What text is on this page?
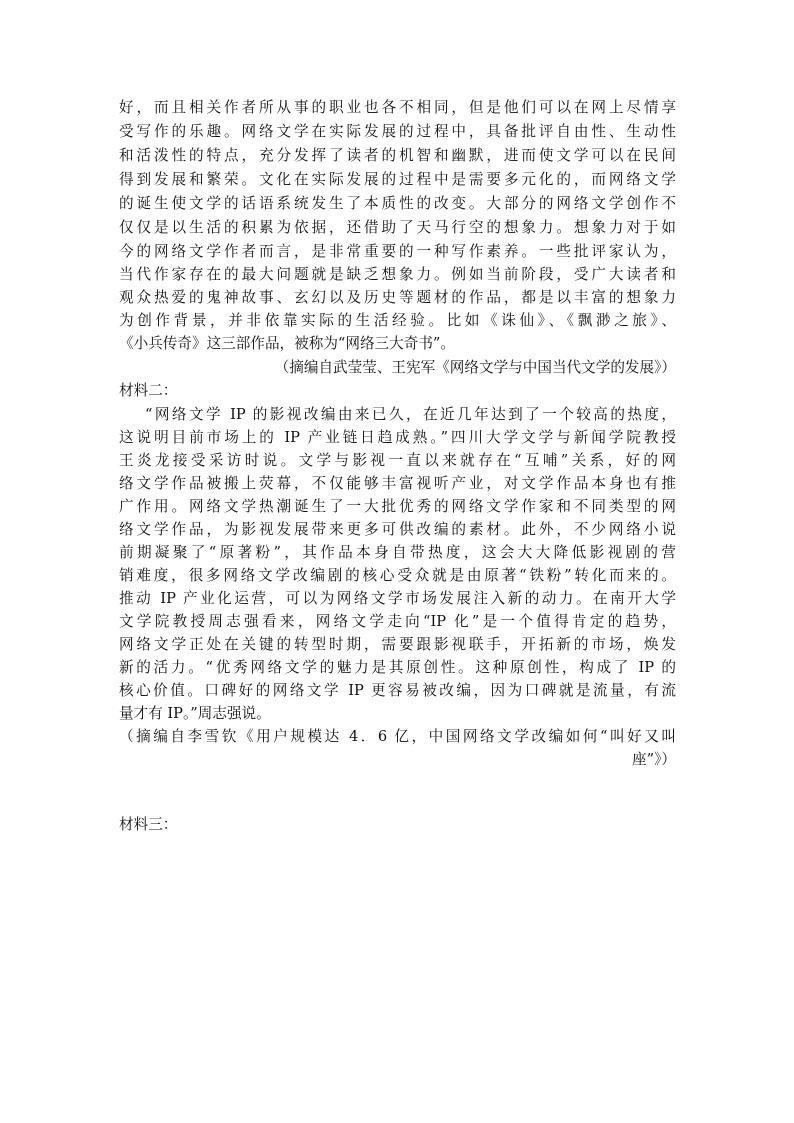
好，而且相关作者所从事的职业也各不相同，但是他们可以在网上尽情享
受写作的乐趣。网络文学在实际发展的过程中，具备批评自由性、生动性
和活泼性的特点，充分发挥了读者的机智和幽默，进而使文学可以在民间
得到发展和繁荣。文化在实际发展的过程中是需要多元化的，而网络文学
的诞生使文学的话语系统发生了本质性的改变。大部分的网络文学创作不
仅仅是以生活的积累为依据，还借助了天马行空的想象力。想象力对于如
今的网络文学作者而言，是非常重要的一种写作素养。一些批评家认为，
当代作家存在的最大问题就是缺乏想象力。例如当前阶段，受广大读者和
观众热爱的鬼神故事、玄幻以及历史等题材的作品，都是以丰富的想象力
为创作背景，并非依靠实际的生活经验。比如《诛仙》、《飘渺之旅》、
《小兵传奇》这三部作品，被称为“网络三大奇书”。
（摘编自武莹莹、王宪军《网络文学与中国当代文学的发展》）
材料二：
“网络文学 IP 的影视改编由来已久，在近几年达到了一个较高的热度，
这说明目前市场上的 IP 产业链日趋成熟。”四川大学文学与新闻学院教授
王炎龙接受采访时说。文学与影视一直以来就存在“互哺”关系，好的网
络文学作品被搬上荧幕，不仅能够丰富视听产业，对文学作品本身也有推
广作用。网络文学热潮诞生了一大批优秀的网络文学作家和不同类型的网
络文学作品，为影视发展带来更多可供改编的素材。此外，不少网络小说
前期凝聚了“原著粉”，其作品本身自带热度，这会大大降低影视剧的营
销难度，很多网络文学改编剧的核心受众就是由原著“铁粉”转化而来的。
推动 IP 产业化运营，可以为网络文学市场发展注入新的动力。在南开大学
文学院教授周志强看来，网络文学走向“IP 化”是一个值得肯定的趋势，
网络文学正处在关键的转型时期，需要跟影视联手，开拓新的市场，焕发
新的活力。“优秀网络文学的魅力是其原创性。这种原创性，构成了 IP 的
核心价值。口碑好的网络文学 IP 更容易被改编，因为口碑就是流量，有流
量才有 IP。”周志强说。
（摘编自李雪钦《用户规模达 4．6 亿，中国网络文学改编如何“叫好又叫
座”》）
材料三：
